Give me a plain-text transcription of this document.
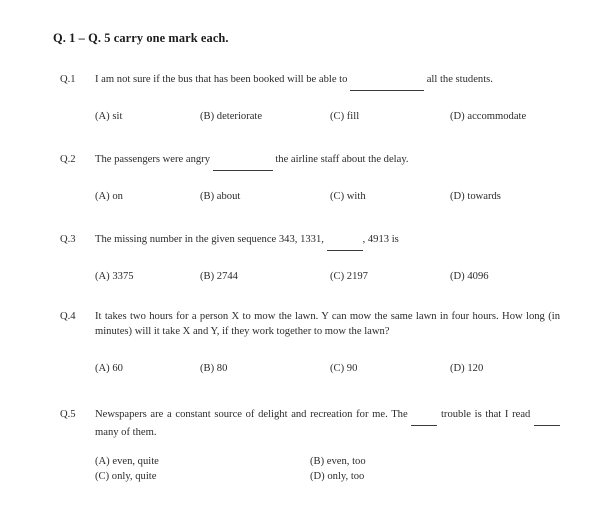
Q. 1 – Q. 5 carry one mark each.
Q.1	I am not sure if the bus that has been booked will be able to	all the students.
(A) sit	(B) deteriorate	(C) fill	(D) accommodate
Q.2	The passengers were angry	the airline staff about the delay.
(A) on	(B) about	(C) with	(D) towards
Q.3	The missing number in the given sequence 343, 1331,	, 4913 is
(A) 3375	(B) 2744	(C) 2197	(D) 4096
Q.4	It takes two hours for a person X to mow the lawn. Y can mow the same lawn in four hours. How long (in minutes) will it take X and Y, if they work together to mow the lawn?
(A) 60	(B) 80	(C) 90	(D) 120
Q.5	Newspapers are a constant source of delight and recreation for me. The	trouble is that I read   many of them.
(A) even, quite	(B) even, too
(C) only, quite	(D) only, too
